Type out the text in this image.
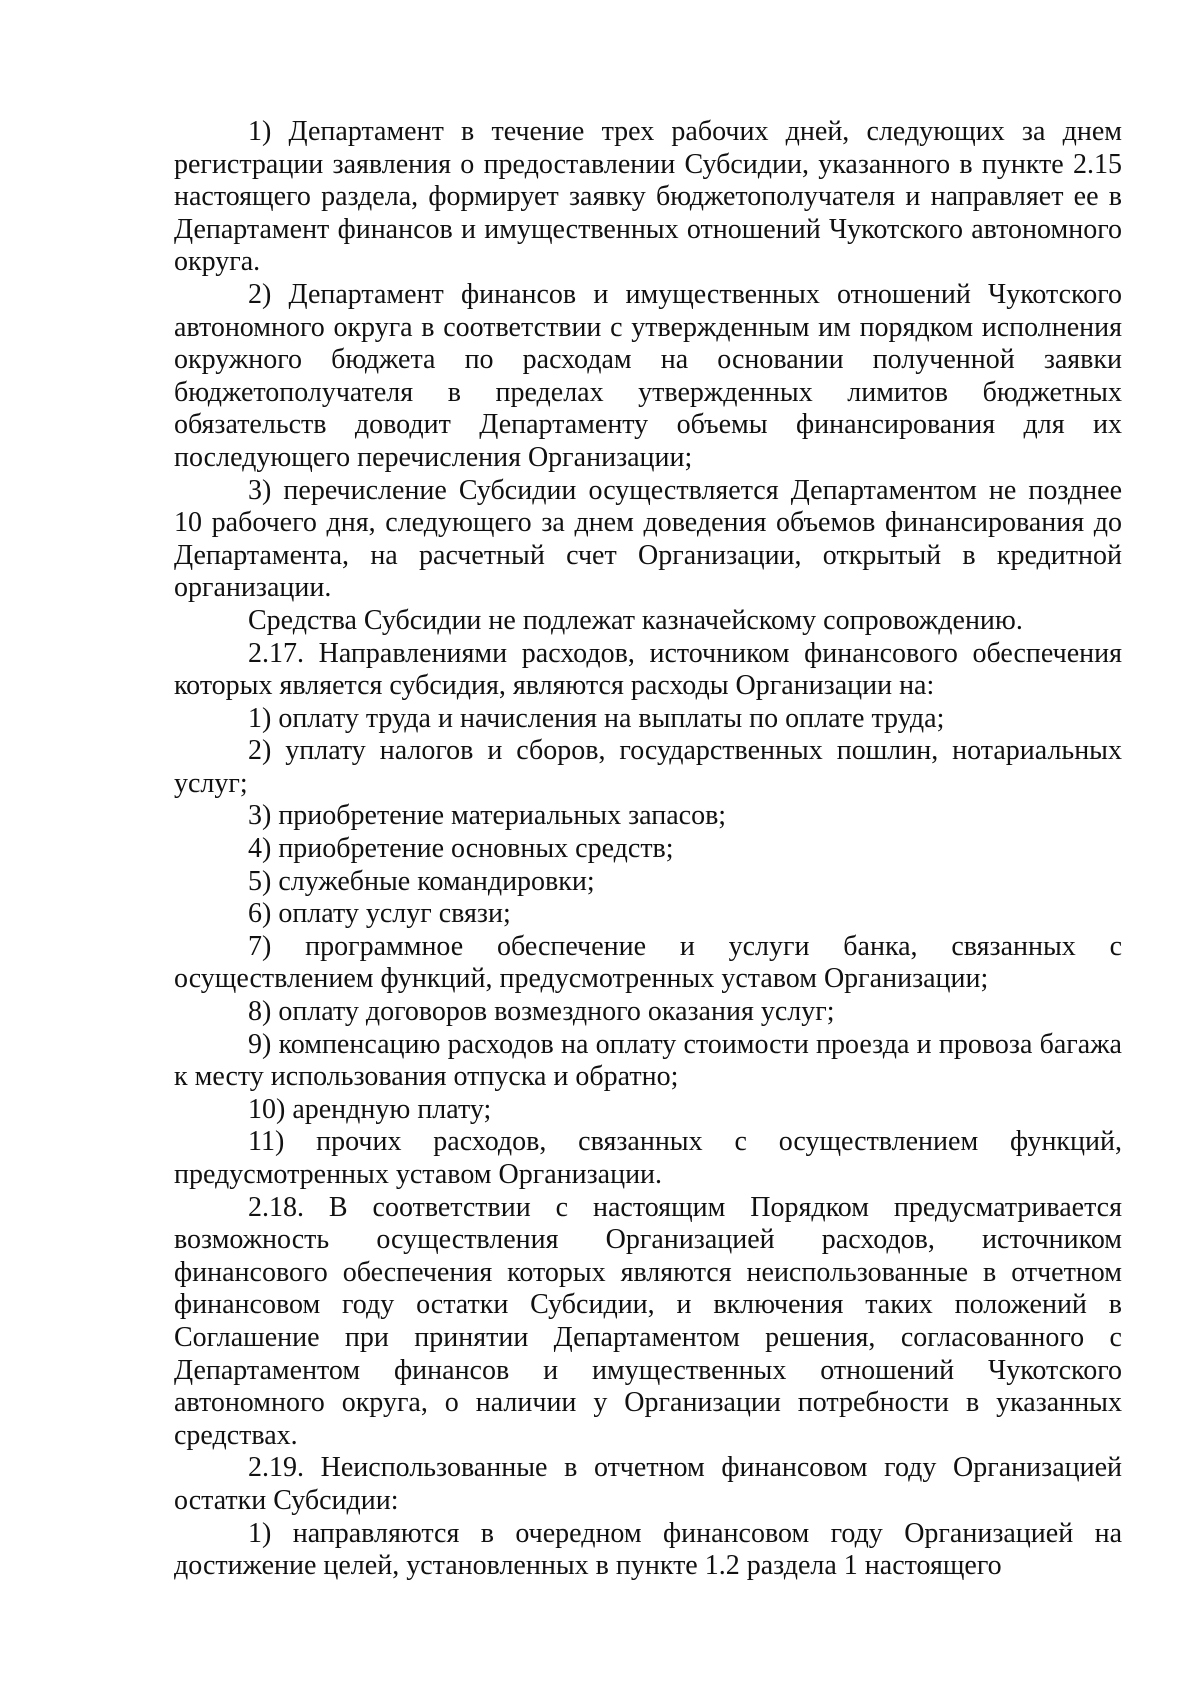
1) Департамент в течение трех рабочих дней, следующих за днем регистрации заявления о предоставлении Субсидии, указанного в пункте 2.15 настоящего раздела, формирует заявку бюджетополучателя и направляет ее в Департамент финансов и имущественных отношений Чукотского автономного округа.

2) Департамент финансов и имущественных отношений Чукотского автономного округа в соответствии с утвержденным им порядком исполнения окружного бюджета по расходам на основании полученной заявки бюджетополучателя в пределах утвержденных лимитов бюджетных обязательств доводит Департаменту объемы финансирования для их последующего перечисления Организации;

3) перечисление Субсидии осуществляется Департаментом не позднее 10 рабочего дня, следующего за днем доведения объемов финансирования до Департамента, на расчетный счет Организации, открытый в кредитной организации.

Средства Субсидии не подлежат казначейскому сопровождению.

2.17. Направлениями расходов, источником финансового обеспечения которых является субсидия, являются расходы Организации на:

1) оплату труда и начисления на выплаты по оплате труда;

2) уплату налогов и сборов, государственных пошлин, нотариальных услуг;

3) приобретение материальных запасов;

4) приобретение основных средств;

5) служебные командировки;

6) оплату услуг связи;

7) программное обеспечение и услуги банка, связанных с осуществлением функций, предусмотренных уставом Организации;

8) оплату договоров возмездного оказания услуг;

9) компенсацию расходов на оплату стоимости проезда и провоза багажа к месту использования отпуска и обратно;

10) арендную плату;

11) прочих расходов, связанных с осуществлением функций, предусмотренных уставом Организации.

2.18. В соответствии с настоящим Порядком предусматривается возможность осуществления Организацией расходов, источником финансового обеспечения которых являются неиспользованные в отчетном финансовом году остатки Субсидии, и включения таких положений в Соглашение при принятии Департаментом решения, согласованного с Департаментом финансов и имущественных отношений Чукотского автономного округа, о наличии у Организации потребности в указанных средствах.

2.19. Неиспользованные в отчетном финансовом году Организацией остатки Субсидии:

1) направляются в очередном финансовом году Организацией на достижение целей, установленных в пункте 1.2 раздела 1 настоящего
